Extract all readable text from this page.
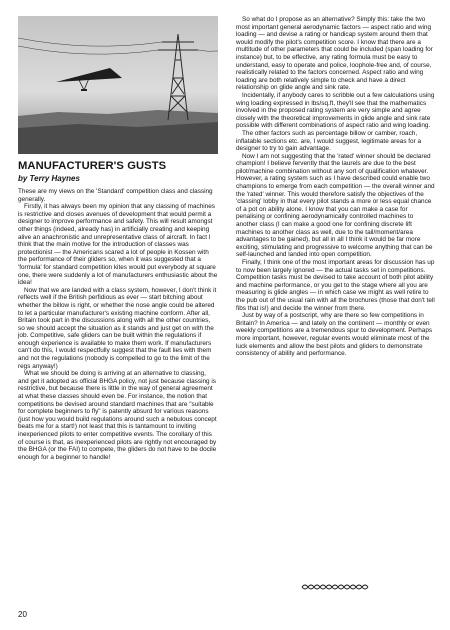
MANUFACTURER'S GUSTS
by Terry Haynes

These are my views on the 'Standard' competition class and classing generally.

Firstly, it has always been my opinion that any classing of machines is restrictive and closes avenues of development that would permit a designer to improve performance and safety. This will result amongst other things (indeed, already has) in artificially creating and keeping alive an anachronistic and unrepresentative class of aircraft. In fact I think that the main motive for the introduction of classes was protectionist — the Americans scared a lot of people in Kossen with the performance of their gliders so, when it was suggested that a 'formula' for standard competition kites would put everybody at square one, there were suddenly a lot of manufacturers enthusiastic about the idea!

Now that we are landed with a class system, however, I don't think it reflects well if the British perfidious as ever — start bitching about whether the billow is right, or whether the nose angle could be altered to let a particular manufacturer's existing machine conform. After all, Britain took part in the discussions along with all the other countries, so we should accept the situation as it stands and just get on with the job. Competitive, safe gliders can be built within the regulations if enough experience is available to make them work. If manufacturers can't do this, I would respectfully suggest that the fault lies with them and not the regulations (nobody is compelled to go to the limit of the regs anyway!)

What we should be doing is arriving at an alternative to classing, and get it adopted as official BHGA policy, not just because classing is restrictive, but because there is little in the way of general agreement at what these classes should even be. For instance, the notion that competitions be devised around standard machines that are "suitable for complete beginners to fly" is patently absurd for various reasons (just how you would build regulations around such a nebulous concept beats me for a start!) not least that this is tantamount to inviting inexperienced pilots to enter competitive events. The corollary of this of course is that, as inexperienced pilots are rightly not encouraged by the BHGA (or the FAI) to compete, the gliders do not have to be docile enough for a beginner to handle!

So what do I propose as an alternative? Simply this: take the two most important general aerodynamic factors — aspect ratio and wing loading — and devise a rating or handicap system around them that would modify the pilot's competition score. I know that there are a multitude of other parameters that could be included (span loading for instance) but, to be effective, any rating formula must be easy to understand, easy to operate and police, loophole-free and, of course, realistically related to the factors concerned. Aspect ratio and wing loading are both relatively simple to check and have a direct relationship on glide angle and sink rate.

Incidentally, if anybody cares to scribble out a few calculations using wing loading expressed in lbs/sq.ft, they'll see that the mathematics involved in the proposed rating system are very simple and agree closely with the theoretical improvements in glide angle and sink rate possible with different combinations of aspect ratio and wing loading.

The other factors such as percentage billow or camber, roach, inflatable sections etc. are, I would suggest, legitimate areas for a designer to try to gain advantage.

Now I am not suggesting that the 'rated' winner should be declared champion! I believe fervently that the laurels are due to the best pilot/machine combination without any sort of qualification whatever. However, a rating system such as I have described could enable two champions to emerge from each competition — the overall winner and the 'rated' winner. This would therefore satisfy the objectives of the 'classing' lobby in that every pilot stands a more or less equal chance of a pot on ability alone. I know that you can make a case for penalising or confining aerodynamically controlled machines to another class (I can make a good one for confining discrete lift machines to another class as well, due to the tail/moment/area advantages to be gained), but all in all I think it would be far more exciting, stimulating and progressive to welcome anything that can be self-launched and landed into open competition.

Finally, I think one of the most important areas for discussion has up to now been largely ignored — the actual tasks set in competitions. Competition tasks must be devised to take account of both pilot ability and machine performance, or you get to the stage where all you are measuring is glide angles — in which case we might as well retire to the pub out of the usual rain with all the brochures (those that don't tell fibs that is!) and decide the winner from there.

Just by way of a postscript, why are there so few competitions in Britain? In America — and lately on the continent — monthly or even weekly competitions are a tremendous spur to development. Perhaps more important, however, regular events would eliminate most of the luck elements and allow the best pilots and gliders to demonstrate consistency of ability and performance.

20
